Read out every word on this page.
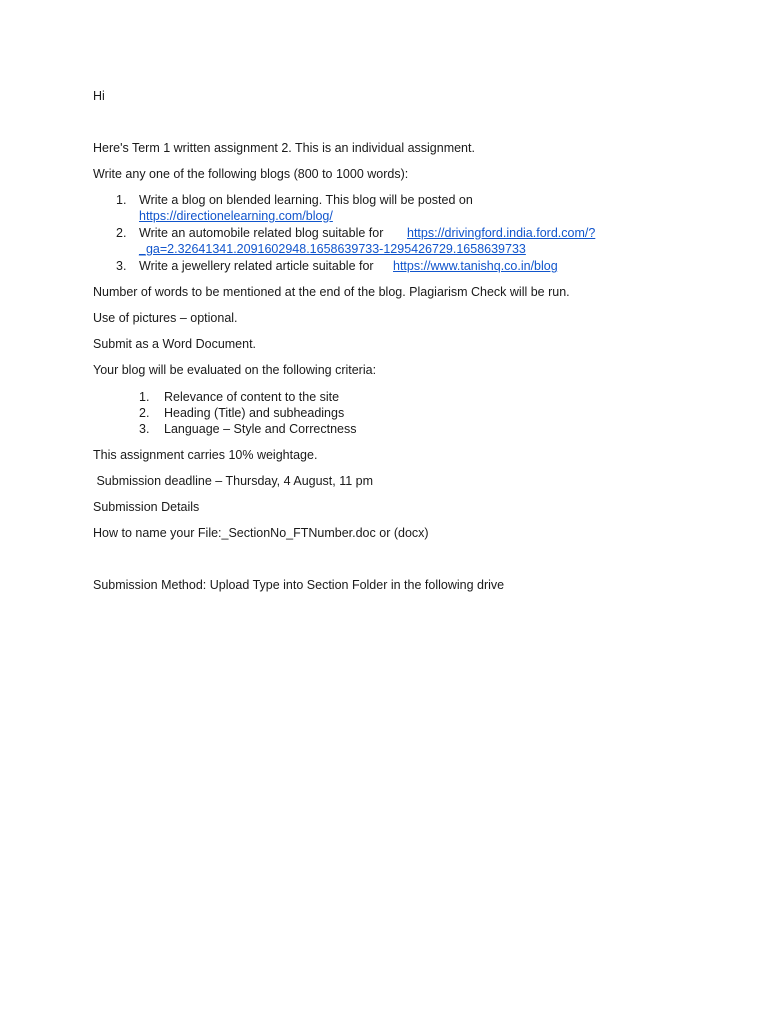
Hi
Here's Term 1 written assignment 2. This is an individual assignment.
Write any one of the following blogs (800 to 1000 words):
1. Write a blog on blended learning. This blog will be posted on
https://directionelearning.com/blog/
2. Write an automobile related blog suitable for https://drivingford.india.ford.com/?
_ga=2.32641341.2091602948.1658639733-1295426729.1658639733
3. Write a jewellery related article suitable for https://www.tanishq.co.in/blog
Number of words to be mentioned at the end of the blog. Plagiarism Check will be run.
Use of pictures – optional.
Submit as a Word Document.
Your blog will be evaluated on the following criteria:
1. Relevance of content to the site
2. Heading (Title) and subheadings
3. Language – Style and Correctness
This assignment carries 10% weightage.
Submission deadline – Thursday, 4 August, 11 pm
Submission Details
How to name your File:_SectionNo_FTNumber.doc or (docx)
Submission Method: Upload Type into Section Folder in the following drive
